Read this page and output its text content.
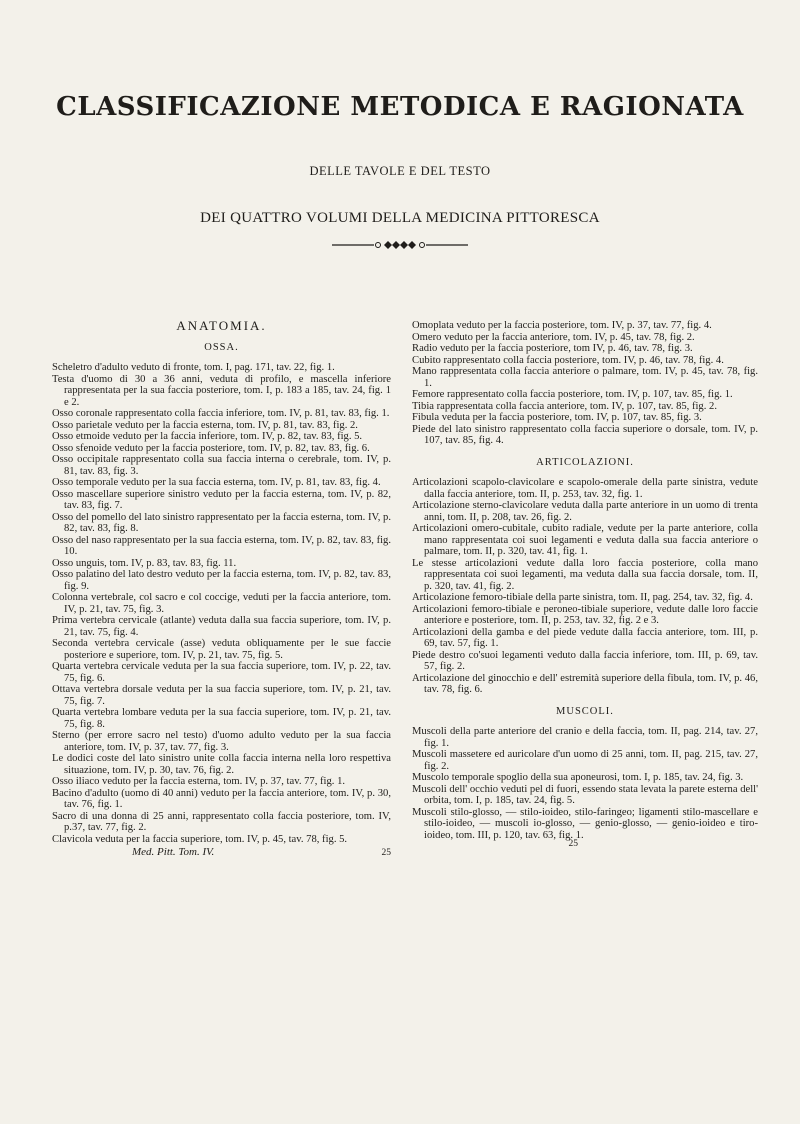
CLASSIFICAZIONE METODICA E RAGIONATA
DELLE TAVOLE E DEL TESTO
DEI QUATTRO VOLUMI DELLA MEDICINA PITTORESCA
ANATOMIA.
OSSA.

Scheletro d'adulto veduto di fronte, tom. I, pag. 171, tav. 22, fig. 1.

Testa d'uomo di 30 a 36 anni, veduta di profilo, e mascella inferiore rappresentata per la sua faccia posteriore, tom. I, p. 183 a 185, tav. 24, fig. 1 e 2.

Osso coronale rappresentato colla faccia inferiore, tom. IV, p. 81, tav. 83, fig. 1.

Osso parietale veduto per la faccia esterna, tom. IV, p. 81, tav. 83, fig. 2.

Osso etmoide veduto per la faccia inferiore, tom. IV, p. 82, tav. 83, fig. 5.

Osso sfenoide veduto per la faccia posteriore, tom. IV, p. 82, tav. 83, fig. 6.

Osso occipitale rappresentato colla sua faccia interna o cerebrale, tom. IV, p. 81, tav. 83, fig. 3.

Osso temporale veduto per la sua faccia esterna, tom. IV, p. 81, tav. 83, fig. 4.

Osso mascellare superiore sinistro veduto per la faccia esterna, tom. IV, p. 82, tav. 83, fig. 7.

Osso del pomello del lato sinistro rappresentato per la faccia esterna, tom. IV, p. 82, tav. 83, fig. 8.

Osso del naso rappresentato per la sua faccia esterna, tom. IV, p. 82, tav. 83, fig. 10.

Osso unguis, tom. IV, p. 83, tav. 83, fig. 11.

Osso palatino del lato destro veduto per la faccia esterna, tom. IV, p. 82, tav. 83, fig. 9.

Colonna vertebrale, col sacro e col coccige, veduti per la faccia anteriore, tom. IV, p. 21, tav. 75, fig. 3.

Prima vertebra cervicale (atlante) veduta dalla sua faccia superiore, tom. IV, p. 21, tav. 75, fig. 4.

Seconda vertebra cervicale (asse) veduta obliquamente per le sue faccie posteriore e superiore, tom. IV, p. 21, tav. 75, fig. 5.

Quarta vertebra cervicale veduta per la sua faccia superiore, tom. IV, p. 22, tav. 75, fig. 6.

Ottava vertebra dorsale veduta per la sua faccia superiore, tom. IV, p. 21, tav. 75, fig. 7.

Quarta vertebra lombare veduta per la sua faccia superiore, tom. IV, p. 21, tav. 75, fig. 8.

Sterno (per errore sacro nel testo) d'uomo adulto veduto per la sua faccia anteriore, tom. IV, p. 37, tav. 77, fig. 3.

Le dodici coste del lato sinistro unite colla faccia interna nella loro respettiva situazione, tom. IV, p. 30, tav. 76, fig. 2.

Osso iliaco veduto per la faccia esterna, tom. IV, p. 37, tav. 77, fig. 1.

Bacino d'adulto (uomo di 40 anni) veduto per la faccia anteriore, tom. IV, p. 30, tav. 76, fig. 1.

Sacro di una donna di 25 anni, rappresentato colla faccia posteriore, tom. IV, p.37, tav. 77, fig. 2.

Clavicola veduta per la faccia superiore, tom. IV, p. 45, tav. 78, fig. 5.

Med. Pitt. Tom. IV.	25

Omoplata veduto per la faccia posteriore, tom. IV, p. 37, tav. 77, fig. 4.

Omero veduto per la faccia anteriore, tom. IV, p. 45, tav. 78, fig. 2.

Radio veduto per la faccia posteriore, tom IV, p. 46, tav. 78, fig. 3.

Cubito rappresentato colla faccia posteriore, tom. IV, p. 46, tav. 78, fig. 4.

Mano rappresentata colla faccia anteriore o palmare, tom. IV, p. 45, tav. 78, fig. 1.

Femore rappresentato colla faccia posteriore, tom. IV, p. 107, tav. 85, fig. 1.

Tibia rappresentata colla faccia anteriore, tom. IV, p. 107, tav. 85, fig. 2.

Fibula veduta per la faccia posteriore, tom. IV, p. 107, tav. 85, fig. 3.

Piede del lato sinistro rappresentato colla faccia superiore o dorsale, tom. IV, p. 107, tav. 85, fig. 4.

ARTICOLAZIONI.

Articolazioni scapolo-clavicolare e scapolo-omerale della parte sinistra, vedute dalla faccia anteriore, tom. II, p. 253, tav. 32, fig. 1.

Articolazione sterno-clavicolare veduta dalla parte anteriore in un uomo di trenta anni, tom. II, p. 208, tav. 26, fig. 2.

Articolazioni omero-cubitale, cubito radiale, vedute per la parte anteriore, colla mano rappresentata coi suoi legamenti e veduta dalla sua faccia anteriore o palmare, tom. II, p. 320, tav. 41, fig. 1.

Le stesse articolazioni vedute dalla loro faccia posteriore, colla mano rappresentata coi suoi legamenti, ma veduta dalla sua faccia dorsale, tom. II, p. 320, tav. 41, fig. 2.

Articolazione femoro-tibiale della parte sinistra, tom. II, pag. 254, tav. 32, fig. 4.

Articolazioni femoro-tibiale e peroneo-tibiale superiore, vedute dalle loro faccie anteriore e posteriore, tom. II, p. 253, tav. 32, fig. 2 e 3.

Articolazioni della gamba e del piede vedute dalla faccia anteriore, tom. III, p. 69, tav. 57, fig. 1.

Piede destro co'suoi legamenti veduto dalla faccia inferiore, tom. III, p. 69, tav. 57, fig. 2.

Articolazione del ginocchio e dell' estremità superiore della fibula, tom. IV, p. 46, tav. 78, fig. 6.

MUSCOLI.

Muscoli della parte anteriore del cranio e della faccia, tom. II, pag. 214, tav. 27, fig. 1.

Muscoli masseterе ed auricolare d'un uomo di 25 anni, tom. II, pag. 215, tav. 27, fig. 2.

Muscolo temporale spoglio della sua aponeurosi, tom. I, p. 185, tav. 24, fig. 3.

Muscoli dell' occhio veduti pel di fuori, essendo stata levata la parete esterna dell' orbita, tom. I, p. 185, tav. 24, fig. 5.

Muscoli stilo-glosso, — stilo-ioideo, stilo-faringeo; ligamenti stilo-mascellare e stilo-ioideo, — muscoli io-glosso, — genio-glosso, — genio-ioideo e tiro-ioideo, tom. III, p. 120, tav. 63, fig. 1.

25
